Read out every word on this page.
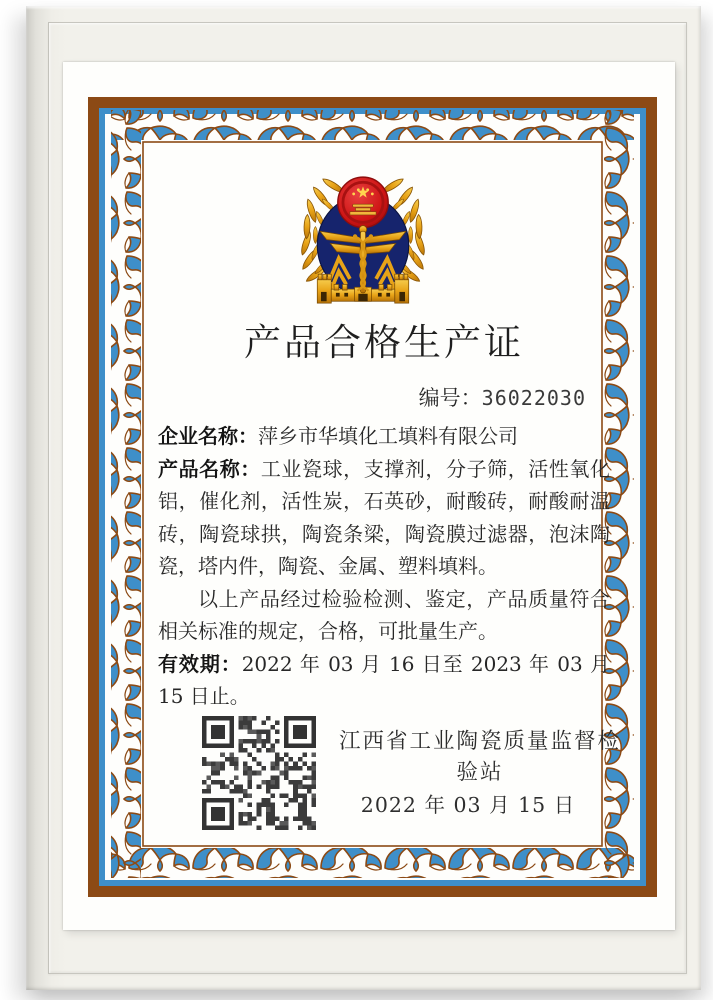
产品合格生产证
编号：36022030

企业名称：萍乡市华填化工填料有限公司

产品名称：工业瓷球，支撑剂，分子筛，活性氧化铝，催化剂，活性炭，石英砂，耐酸砖，耐酸耐温砖，陶瓷球拱，陶瓷条梁，陶瓷膜过滤器，泡沫陶瓷，塔内件，陶瓷、金属、塑料填料。

以上产品经过检验检测、鉴定，产品质量符合相关标准的规定，合格，可批量生产。

有效期：2022 年 03 月 16 日至 2023 年 03 月 15 日止。

江西省工业陶瓷质量监督检验站
2022 年 03 月 15 日
